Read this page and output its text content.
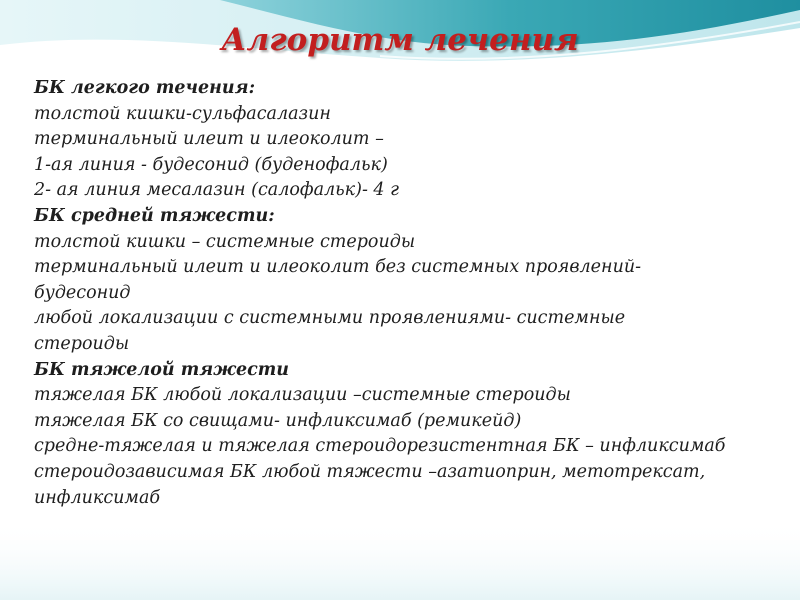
Алгоритм лечения
БК легкого течения:
толстой кишки-сульфасалазин
терминальный илеит и илеоколит –
1-ая линия - будесонид (буденофальк)
2- ая линия месалазин (салофальк)- 4 г
БК средней тяжести:
толстой кишки – системные стероиды
терминальный илеит и илеоколит без системных проявлений-
будесонид
любой локализации с системными проявлениями- системные
стероиды
БК тяжелой тяжести
тяжелая БК любой локализации –системные стероиды
тяжелая БК со свищами- инфликсимаб (ремикейд)
средне-тяжелая и тяжелая стероидорезистентная БК – инфликсимаб
стероидозависимая БК любой тяжести –азатиоприн, метотрексат,
инфликсимаб
